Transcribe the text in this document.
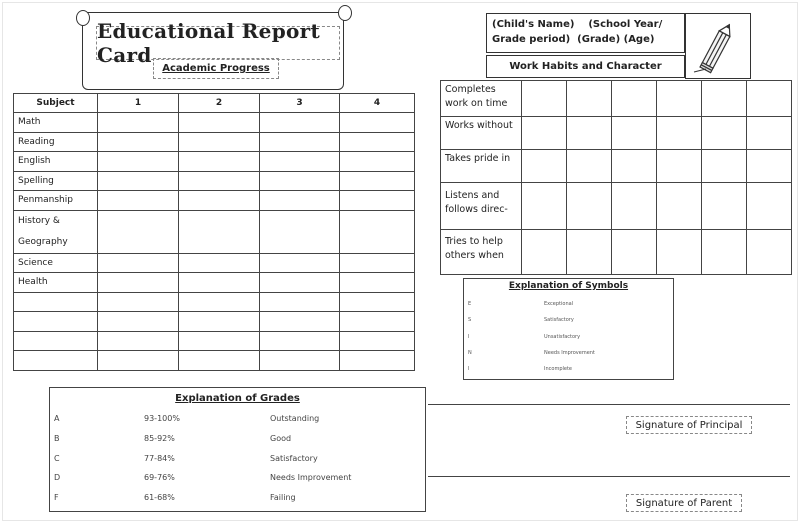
Educational Report Card
Academic Progress
Subject	1	2	3	4
Math				
Reading				
English				
Spelling				
Penmanship				
History &
Geography				
Science				
Health				

(Child's Name)    (School Year/
Grade period)  (Grade) (Age)
Work Habits and Character
Completes
work on time						
Works without						
Takes pride in						
Listens and
follows direc-						
Tries to help
others when						
Explanation of Symbols
E	Exceptional
S	Satisfactory
I	Unsatisfactory
N	Needs Improvement
I	Incomplete
Explanation of Grades
A	93-100%	Outstanding
B	85-92%	Good
C	77-84%	Satisfactory
D	69-76%	Needs Improvement
F	61-68%	Failing
Signature of Principal
Signature of Parent
